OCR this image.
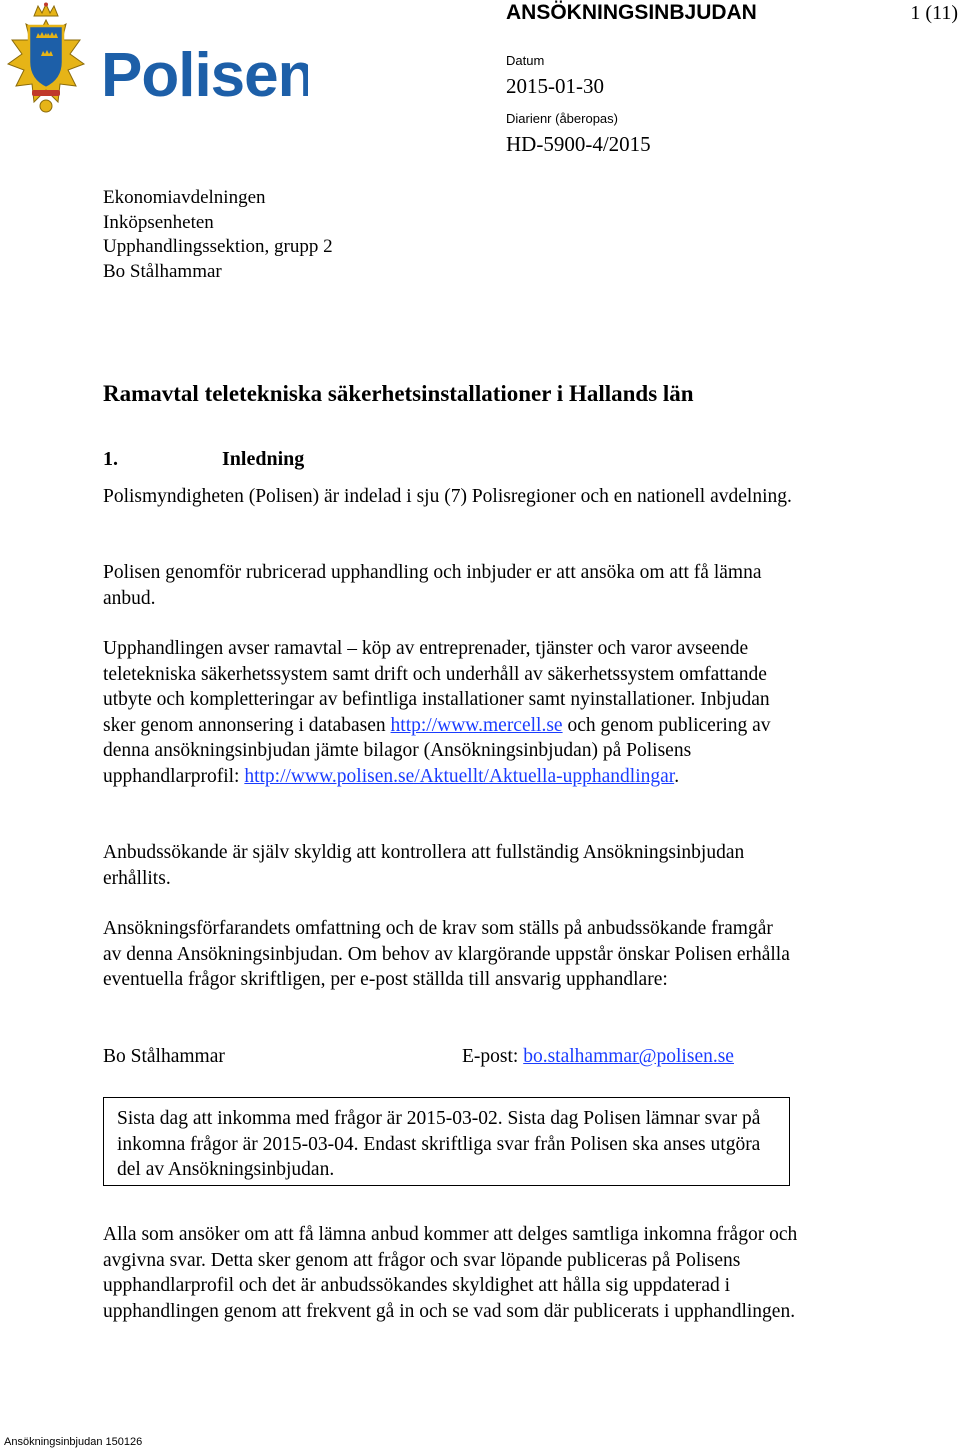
Polisen
ANSÖKNINGSINBJUDAN	1 (11)
Datum
2015-01-30
Diarienr (åberopas)
HD-5900-4/2015
Ekonomiavdelningen
Inköpsenheten
Upphandlingssektion, grupp 2
Bo Stålhammar
Ramavtal teletekniska säkerhetsinstallationer i Hallands län
1.	Inledning

Polismyndigheten (Polisen) är indelad i sju (7) Polisregioner och en nationell avdelning.

Polisen genomför rubricerad upphandling och inbjuder er att ansöka om att få lämna anbud.

Upphandlingen avser ramavtal – köp av entreprenader, tjänster och varor avseende teletekniska säkerhetssystem samt drift och underhåll av säkerhetssystem omfattande utbyte och kompletteringar av befintliga installationer samt nyinstallationer. Inbjudan sker genom annonsering i databasen http://www.mercell.se och genom publicering av denna ansökningsinbjudan jämte bilagor (Ansökningsinbjudan) på Polisens upphandlarprofil: http://www.polisen.se/Aktuellt/Aktuella-upphandlingar.

Anbudssökande är själv skyldig att kontrollera att fullständig Ansökningsinbjudan erhållits.

Ansökningsförfarandets omfattning och de krav som ställs på anbudssökande framgår av denna Ansökningsinbjudan. Om behov av klargörande uppstår önskar Polisen erhålla eventuella frågor skriftligen, per e-post ställda till ansvarig upphandlare:

Bo Stålhammar	E-post: bo.stalhammar@polisen.se
Sista dag att inkomma med frågor är 2015-03-02. Sista dag Polisen lämnar svar på inkomna frågor är 2015-03-04. Endast skriftliga svar från Polisen ska anses utgöra del av Ansökningsinbjudan.

Alla som ansöker om att få lämna anbud kommer att delges samtliga inkomna frågor och avgivna svar. Detta sker genom att frågor och svar löpande publiceras på Polisens upphandlarprofil och det är anbudssökandes skyldighet att hålla sig uppdaterad i upphandlingen genom att frekvent gå in och se vad som där publicerats i upphandlingen.

Ansökningsinbjudan 150126
